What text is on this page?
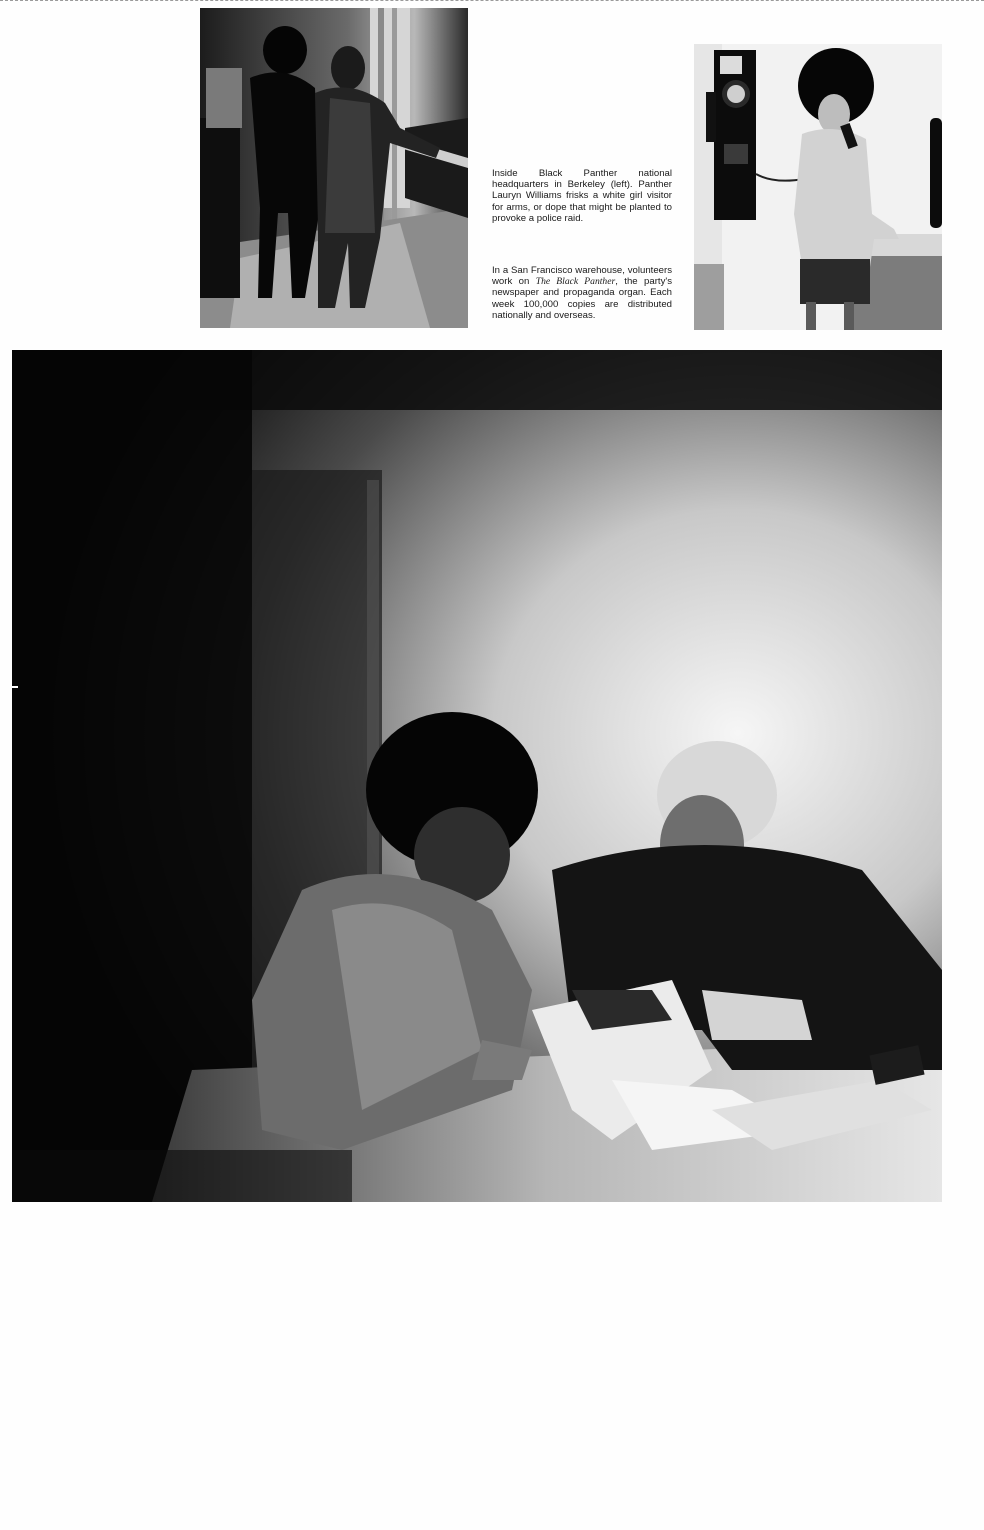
Inside Black Panther national headquarters in Berkeley (left). Panther Lauryn Williams frisks a white girl visitor for arms, or dope that might be planted to provoke a police raid.
In a San Francisco warehouse, volunteers work on The Black Panther, the party's newspaper and propaganda organ. Each week 100,000 copies are distributed nationally and overseas.
